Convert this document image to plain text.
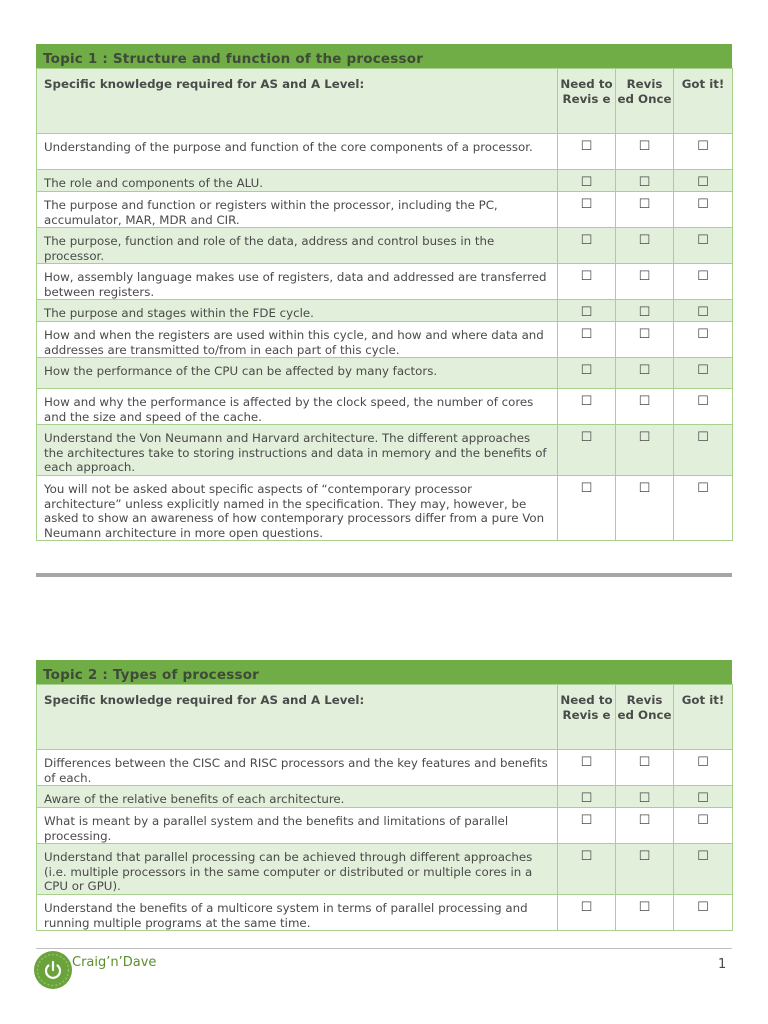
Topic 1 : Structure and function of the processor
Specific knowledge required for AS and A Level:	Need to Revis e	Revis ed Once	Got it!
Understanding of the purpose and function of the core components of a processor.	☐	☐	☐
The role and components of the ALU.	☐	☐	☐
The purpose and function or registers within the processor, including the PC, accumulator, MAR, MDR and CIR.	☐	☐	☐
The purpose, function and role of the data, address and control buses in the processor.	☐	☐	☐
How, assembly language makes use of registers, data and addressed are transferred between registers.	☐	☐	☐
The purpose and stages within the FDE cycle.	☐	☐	☐
How and when the registers are used within this cycle, and how and where data and addresses are transmitted to/from in each part of this cycle.	☐	☐	☐
How the performance of the CPU can be affected by many factors.	☐	☐	☐
How and why the performance is affected by the clock speed, the number of cores and the size and speed of the cache.	☐	☐	☐
Understand the Von Neumann and Harvard architecture. The different approaches the architectures take to storing instructions and data in memory and the benefits of each approach.	☐	☐	☐
You will not be asked about specific aspects of “contemporary processor architecture” unless explicitly named in the specification. They may, however, be asked to show an awareness of how contemporary processors differ from a pure Von Neumann architecture in more open questions.	☐	☐	☐
Topic 2 : Types of processor
Specific knowledge required for AS and A Level:	Need to Revis e	Revis ed Once	Got it!
Differences between the CISC and RISC processors and the key features and benefits of each.	☐	☐	☐
Aware of the relative benefits of each architecture.	☐	☐	☐
What is meant by a parallel system and the benefits and limitations of parallel processing.	☐	☐	☐
Understand that parallel processing can be achieved through different approaches (i.e. multiple processors in the same computer or distributed or multiple cores in a CPU or GPU).	☐	☐	☐
Understand the benefits of a multicore system in terms of parallel processing and running multiple programs at the same time.	☐	☐	☐
Craig’n’Dave	1
